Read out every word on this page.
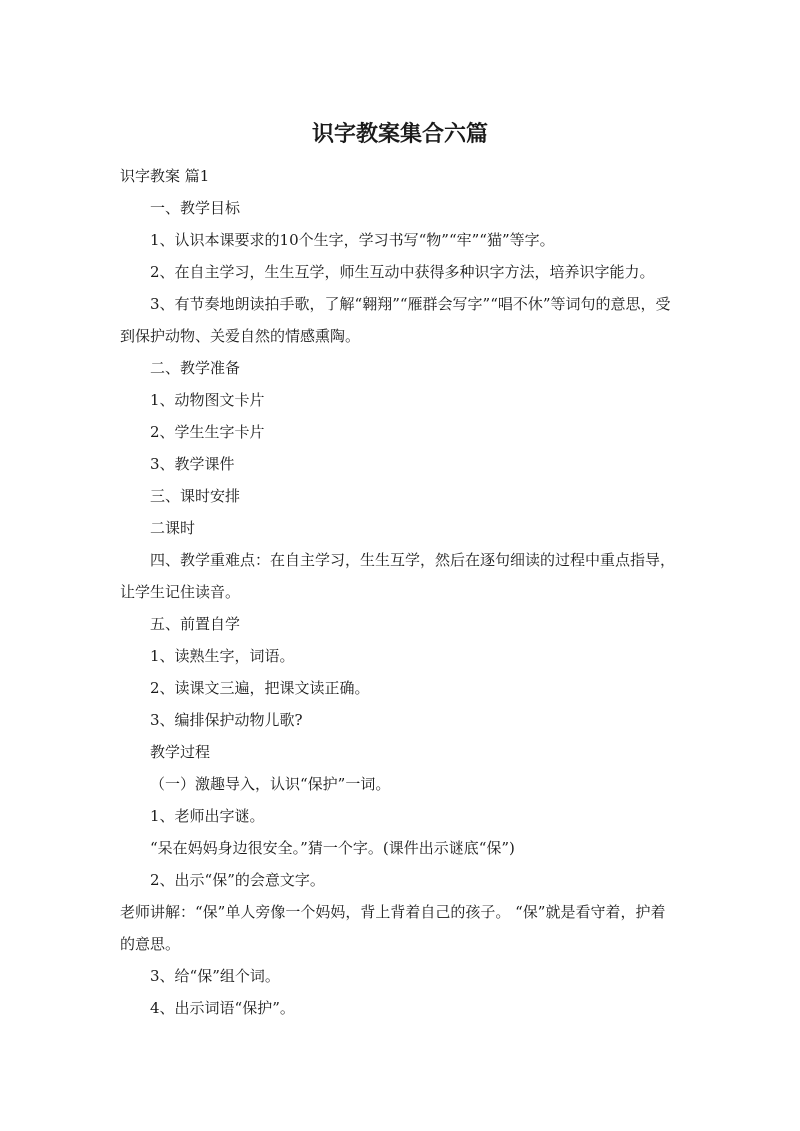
识字教案集合六篇

识字教案 篇1

一、教学目标

1、认识本课要求的10个生字，学习书写“物”“牢”“猫”等字。

2、在自主学习，生生互学，师生互动中获得多种识字方法，培养识字能力。

3、有节奏地朗读拍手歌，了解“翱翔”“雁群会写字”“唱不休”等词句的意思，受到保护动物、关爱自然的情感熏陶。

二、教学准备

1、动物图文卡片

2、学生生字卡片

3、教学课件

三、课时安排

二课时

四、教学重难点：在自主学习，生生互学，然后在逐句细读的过程中重点指导，让学生记住读音。

五、前置自学

1、读熟生字，词语。

2、读课文三遍，把课文读正确。

3、编排保护动物儿歌?

教学过程

（一）激趣导入，认识“保护”一词。

1、老师出字谜。

“呆在妈妈身边很安全。”猜一个字。(课件出示谜底“保”)

2、出示“保”的会意文字。

老师讲解：“保”单人旁像一个妈妈，背上背着自己的孩子。 “保”就是看守着，护着的意思。

3、给“保”组个词。

4、出示词语“保护”。
